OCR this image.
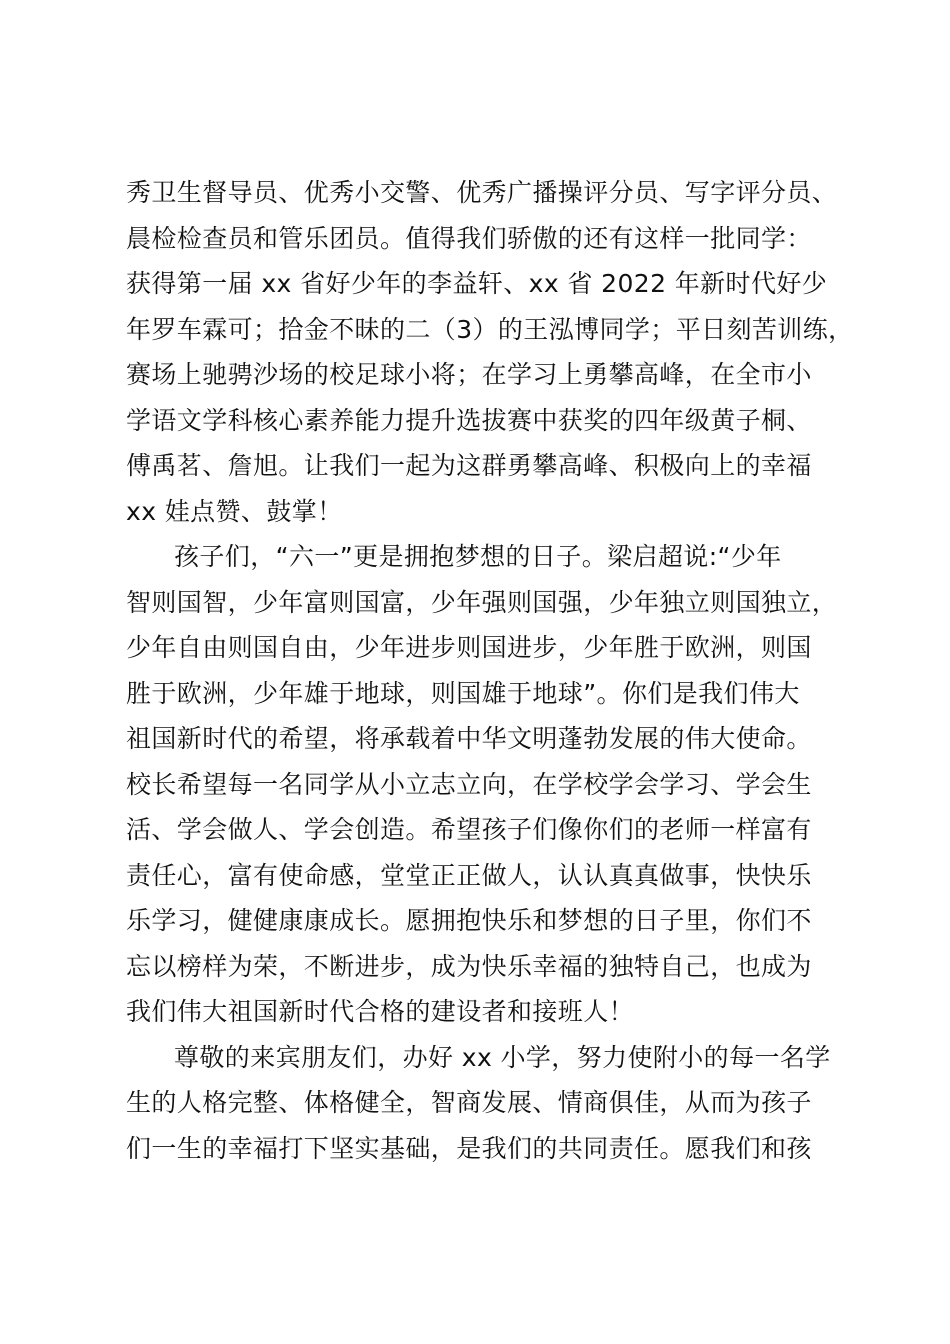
秀卫生督导员、优秀小交警、优秀广播操评分员、写字评分员、
晨检检查员和管乐团员。值得我们骄傲的还有这样一批同学：
获得第一届 xx 省好少年的李益轩、xx 省 2022 年新时代好少
年罗车霖可；拾金不昧的二（3）的王泓博同学；平日刻苦训练，
赛场上驰骋沙场的校足球小将；在学习上勇攀高峰，在全市小
学语文学科核心素养能力提升选拔赛中获奖的四年级黄子桐、
傅禹茗、詹旭。让我们一起为这群勇攀高峰、积极向上的幸福
xx 娃点赞、鼓掌！
孩子们，“六一”更是拥抱梦想的日子。梁启超说:“少年
智则国智，少年富则国富，少年强则国强，少年独立则国独立，
少年自由则国自由，少年进步则国进步，少年胜于欧洲，则国
胜于欧洲，少年雄于地球，则国雄于地球”。你们是我们伟大
祖国新时代的希望，将承载着中华文明蓬勃发展的伟大使命。
校长希望每一名同学从小立志立向，在学校学会学习、学会生
活、学会做人、学会创造。希望孩子们像你们的老师一样富有
责任心，富有使命感，堂堂正正做人，认认真真做事，快快乐
乐学习，健健康康成长。愿拥抱快乐和梦想的日子里，你们不
忘以榜样为荣，不断进步，成为快乐幸福的独特自己，也成为
我们伟大祖国新时代合格的建设者和接班人！
尊敬的来宾朋友们，办好 xx 小学，努力使附小的每一名学
生的人格完整、体格健全，智商发展、情商俱佳，从而为孩子
们一生的幸福打下坚实基础，是我们的共同责任。愿我们和孩
